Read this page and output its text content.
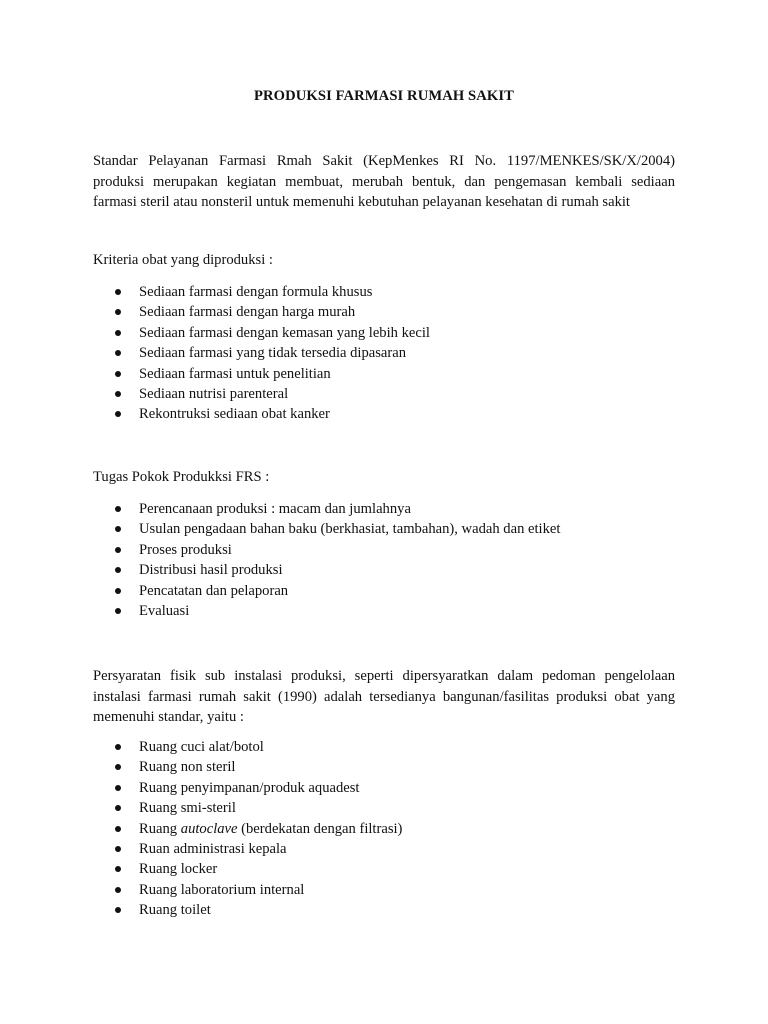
PRODUKSI FARMASI RUMAH SAKIT

Standar Pelayanan Farmasi Rmah Sakit (KepMenkes RI No. 1197/MENKES/SK/X/2004)
produksi merupakan kegiatan membuat, merubah bentuk, dan pengemasan kembali sediaan
farmasi steril atau nonsteril untuk memenuhi kebutuhan pelayanan kesehatan di rumah sakit

Kriteria obat yang diproduksi :

Sediaan farmasi dengan formula khusus
Sediaan farmasi dengan harga murah
Sediaan farmasi dengan kemasan yang lebih kecil
Sediaan farmasi yang tidak tersedia dipasaran
Sediaan farmasi untuk penelitian
Sediaan nutrisi parenteral
Rekontruksi sediaan obat kanker

Tugas Pokok Produkksi FRS :

Perencanaan produksi : macam dan jumlahnya
Usulan pengadaan bahan baku (berkhasiat, tambahan), wadah dan etiket
Proses produksi
Distribusi hasil produksi
Pencatatan dan pelaporan
Evaluasi

Persyaratan fisik sub instalasi produksi, seperti dipersyaratkan dalam pedoman pengelolaan
instalasi farmasi rumah sakit (1990) adalah tersedianya bangunan/fasilitas produksi obat yang
memenuhi standar, yaitu :

Ruang cuci alat/botol
Ruang non steril
Ruang penyimpanan/produk aquadest
Ruang smi-steril
Ruang autoclave (berdekatan dengan filtrasi)
Ruan administrasi kepala
Ruang locker
Ruang laboratorium internal
Ruang toilet
